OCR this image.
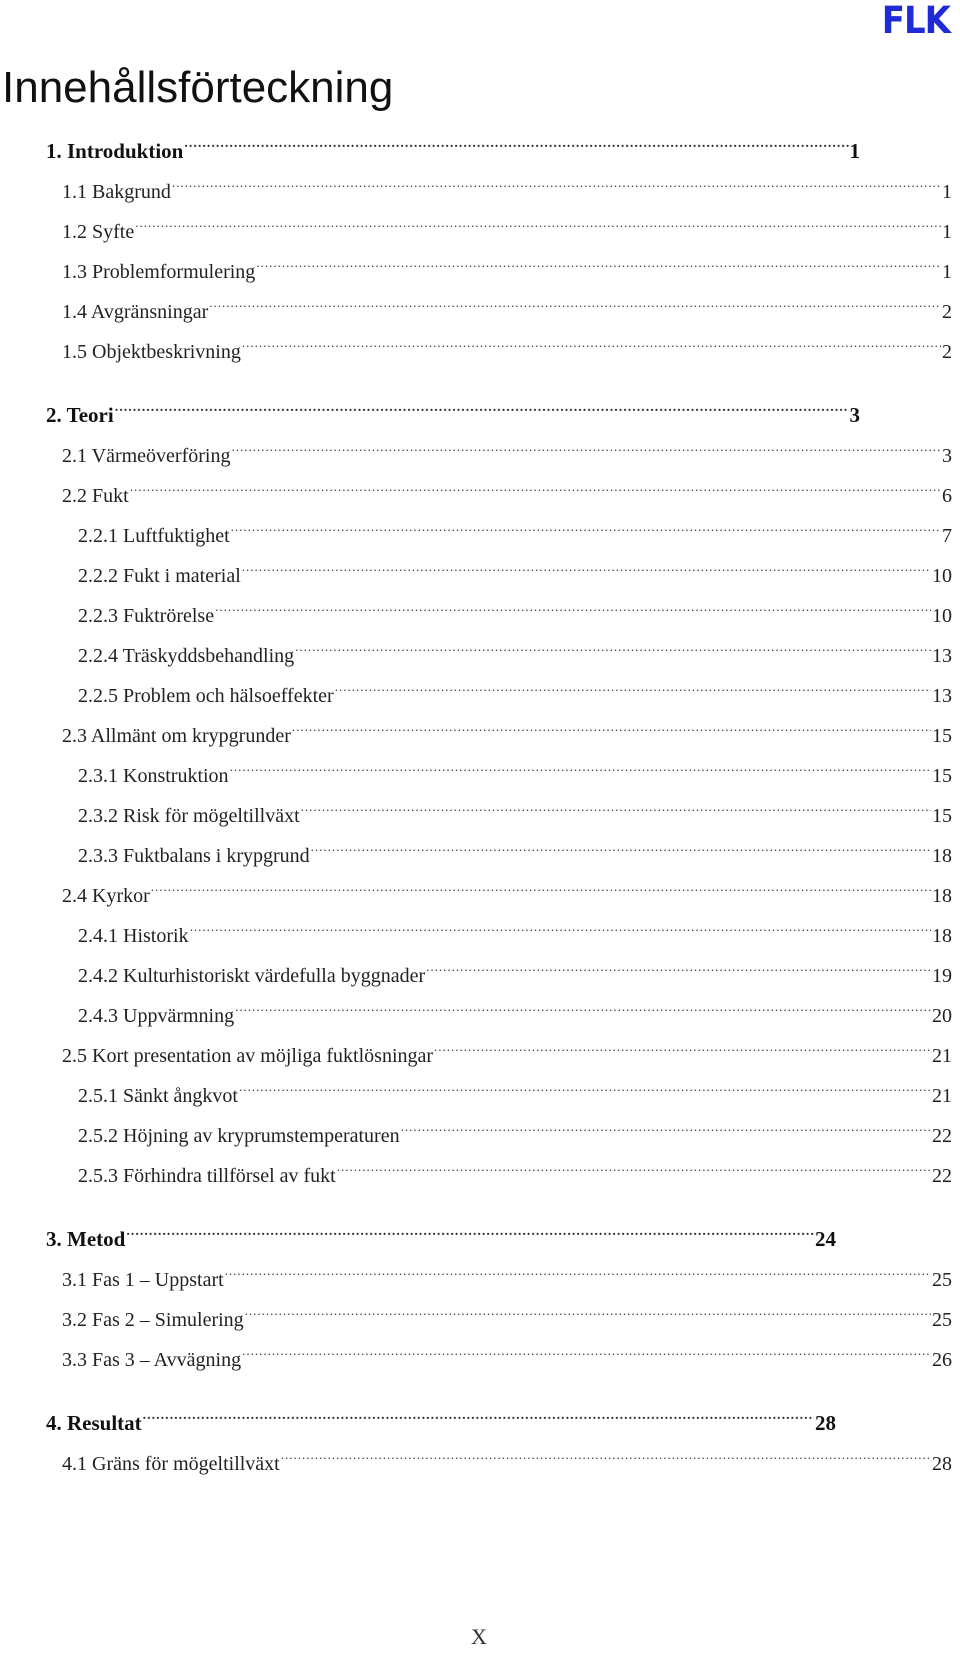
FLK
Innehållsförteckning
1. Introduktion .....	1
1.1 Bakgrund .....	1
1.2 Syfte .....	1
1.3 Problemformulering .....	1
1.4 Avgränsningar .....	2
1.5 Objektbeskrivning .....	2
2. Teori .....	3
2.1 Värmeöverföring .....	3
2.2 Fukt .....	6
2.2.1 Luftfuktighet .....	7
2.2.2 Fukt i material .....	10
2.2.3 Fuktrörelse .....	10
2.2.4 Träskyddsbehandling .....	13
2.2.5 Problem och hälsoeffekter .....	13
2.3 Allmänt om krypgrunder .....	15
2.3.1 Konstruktion .....	15
2.3.2 Risk för mögeltillväxt .....	15
2.3.3 Fuktbalans i krypgrund .....	18
2.4 Kyrkor .....	18
2.4.1 Historik .....	18
2.4.2 Kulturhistoriskt värdefulla byggnader .....	19
2.4.3 Uppvärmning .....	20
2.5 Kort presentation av möjliga fuktlösningar .....	21
2.5.1 Sänkt ångkvot .....	21
2.5.2 Höjning av kryprumstemperaturen .....	22
2.5.3 Förhindra tillförsel av fukt .....	22
3. Metod .....	24
3.1 Fas 1 – Uppstart .....	25
3.2 Fas 2 – Simulering .....	25
3.3 Fas 3 – Avvägning .....	26
4. Resultat .....	28
4.1 Gräns för mögeltillväxt .....	28
X
